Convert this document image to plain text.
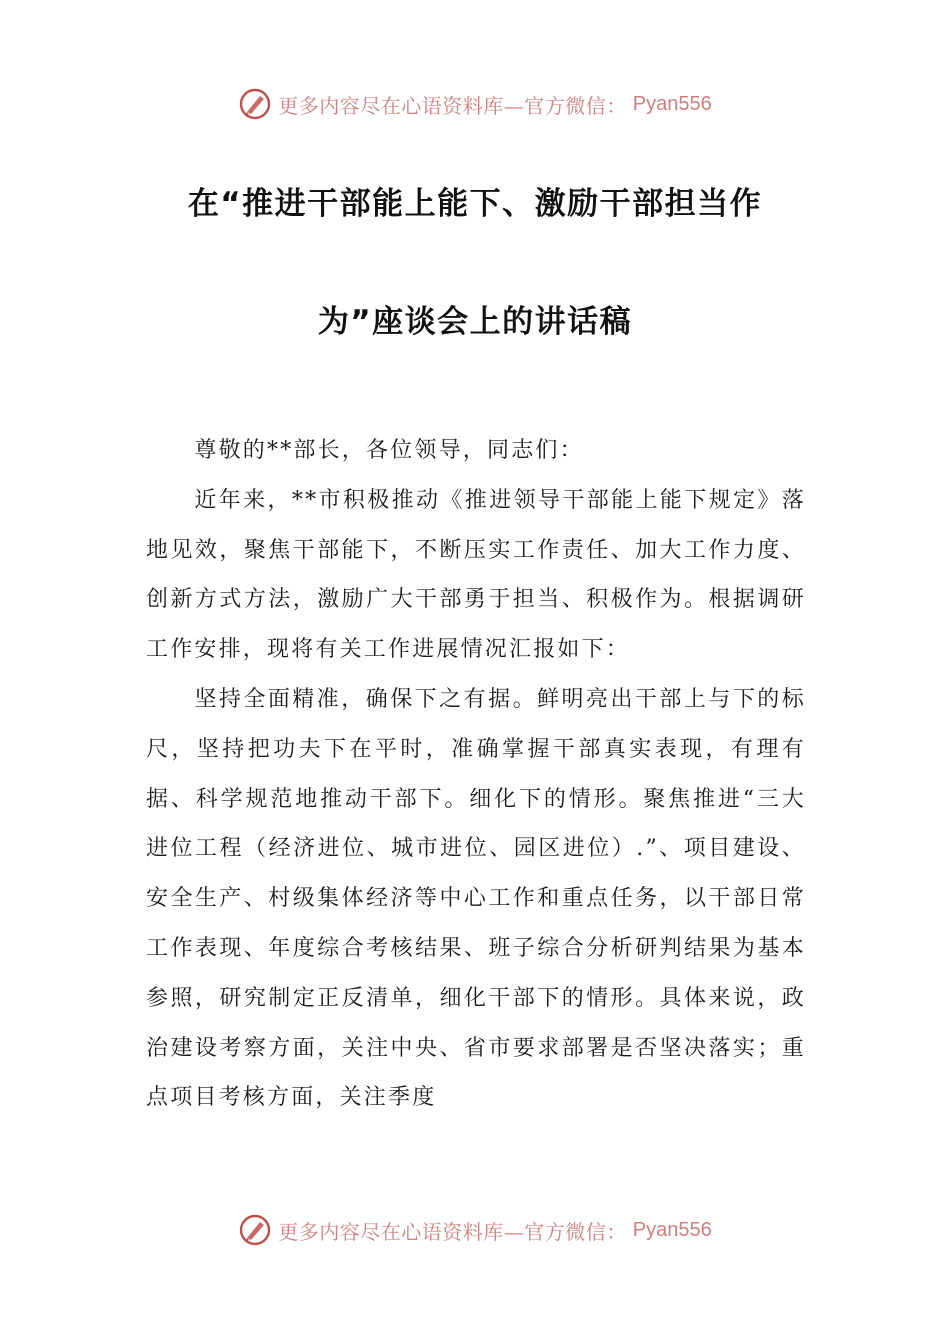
更多内容尽在心语资料库—官方微信： Pyan556
在“推进干部能上能下、激励干部担当作
为”座谈会上的讲话稿

尊敬的**部长，各位领导，同志们：

近年来，**市积极推动《推进领导干部能上能下规定》落地见效，聚焦干部能下，不断压实工作责任、加大工作力度、创新方式方法，激励广大干部勇于担当、积极作为。根据调研工作安排，现将有关工作进展情况汇报如下：

坚持全面精准，确保下之有据。鲜明亮出干部上与下的标尺，坚持把功夫下在平时，准确掌握干部真实表现，有理有据、科学规范地推动干部下。细化下的情形。聚焦推进“三大进位工程（经济进位、城市进位、园区进位）.”、项目建设、安全生产、村级集体经济等中心工作和重点任务，以干部日常工作表现、年度综合考核结果、班子综合分析研判结果为基本参照，研究制定正反清单，细化干部下的情形。具体来说，政治建设考察方面，关注中央、省市要求部署是否坚决落实；重点项目考核方面，关注季度

更多内容尽在心语资料库—官方微信： Pyan556
